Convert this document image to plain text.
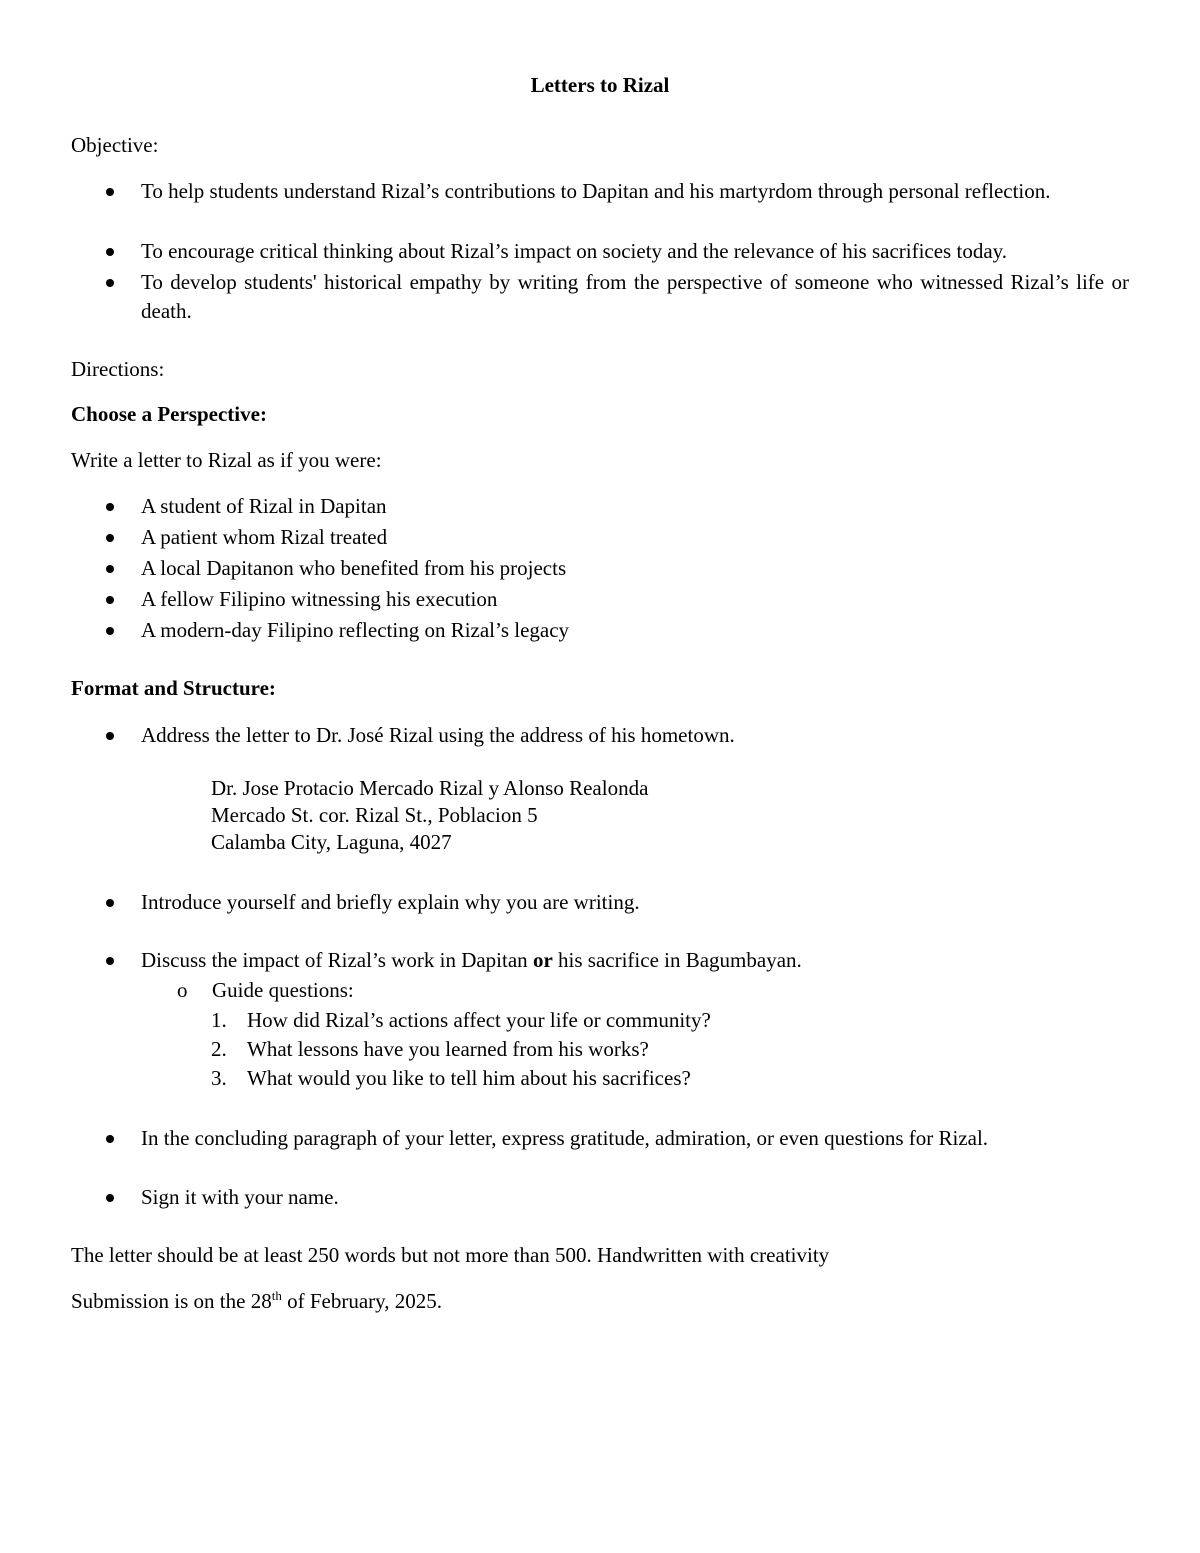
Letters to Rizal
Objective:
To help students understand Rizal’s contributions to Dapitan and his martyrdom through personal reflection.
To encourage critical thinking about Rizal’s impact on society and the relevance of his sacrifices today.
To develop students' historical empathy by writing from the perspective of someone who witnessed Rizal’s life or death.
Directions:
Choose a Perspective:
Write a letter to Rizal as if you were:
A student of Rizal in Dapitan
A patient whom Rizal treated
A local Dapitanon who benefited from his projects
A fellow Filipino witnessing his execution
A modern-day Filipino reflecting on Rizal’s legacy
Format and Structure:
Address the letter to Dr. José Rizal using the address of his hometown.
Dr. Jose Protacio Mercado Rizal y Alonso Realonda
Mercado St. cor. Rizal St., Poblacion 5
Calamba City, Laguna, 4027
Introduce yourself and briefly explain why you are writing.
Discuss the impact of Rizal’s work in Dapitan or his sacrifice in Bagumbayan.
o Guide questions:
1. How did Rizal’s actions affect your life or community?
2. What lessons have you learned from his works?
3. What would you like to tell him about his sacrifices?
In the concluding paragraph of your letter, express gratitude, admiration, or even questions for Rizal.
Sign it with your name.
The letter should be at least 250 words but not more than 500. Handwritten with creativity
Submission is on the 28th of February, 2025.
